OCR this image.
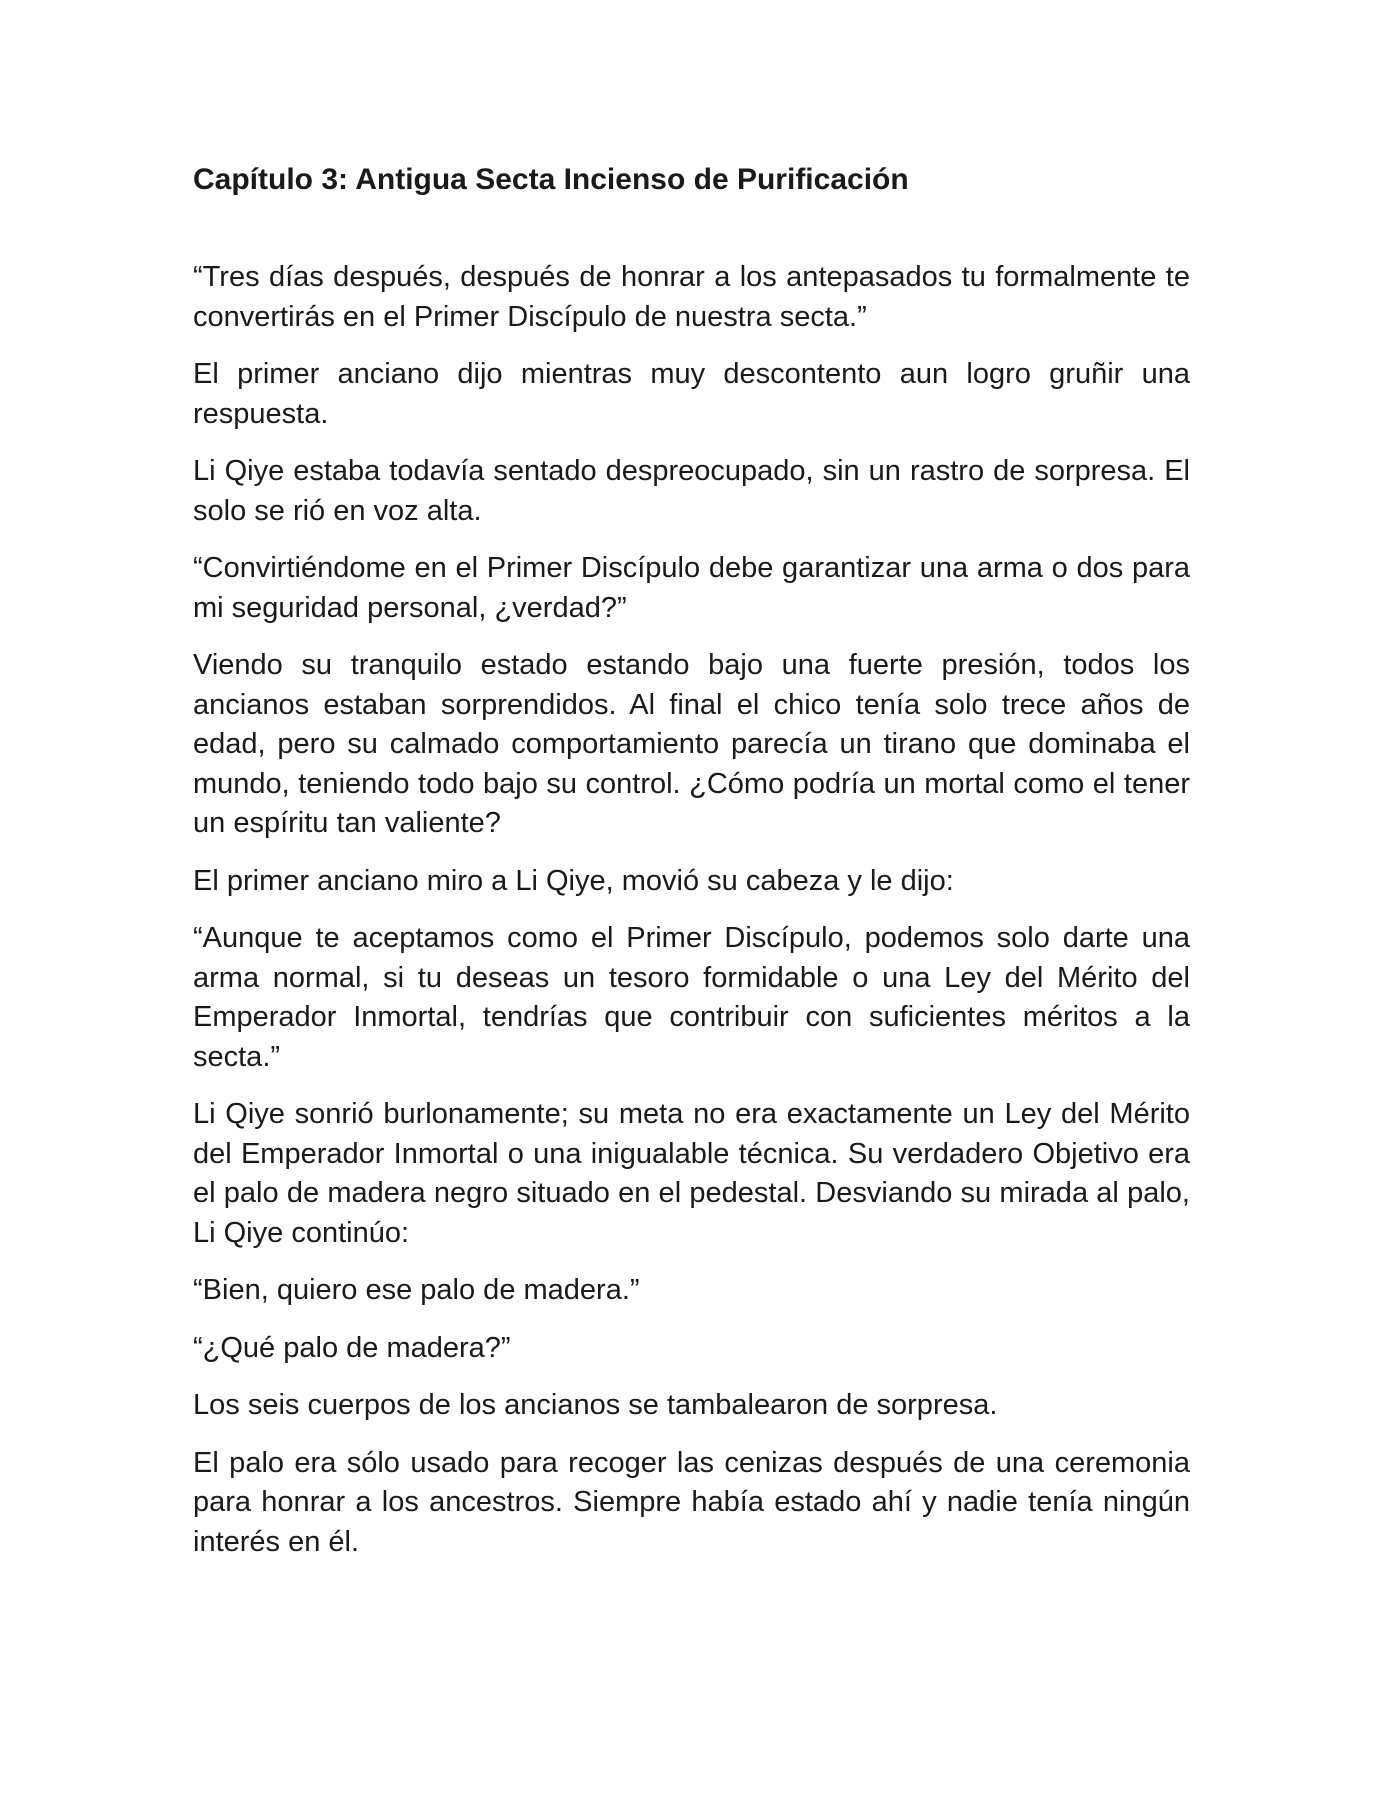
Capítulo 3: Antigua Secta Incienso de Purificación

“Tres días después, después de honrar a los antepasados tu formalmente te convertirás en el Primer Discípulo de nuestra secta.”

El primer anciano dijo mientras muy descontento aun logro gruñir una respuesta.

Li Qiye estaba todavía sentado despreocupado, sin un rastro de sorpresa. El solo se rió en voz alta.

“Convirtiéndome en el Primer Discípulo debe garantizar una arma o dos para mi seguridad personal, ¿verdad?”

Viendo su tranquilo estado estando bajo una fuerte presión, todos los ancianos estaban sorprendidos. Al final el chico tenía solo trece años de edad, pero su calmado comportamiento parecía un tirano que dominaba el mundo, teniendo todo bajo su control. ¿Cómo podría un mortal como el tener un espíritu tan valiente?

El primer anciano miro a Li Qiye, movió su cabeza y le dijo:

“Aunque te aceptamos como el Primer Discípulo, podemos solo darte una arma normal, si tu deseas un tesoro formidable o una Ley del Mérito del Emperador Inmortal, tendrías que contribuir con suficientes méritos a la secta.”

Li Qiye sonrió burlonamente; su meta no era exactamente un Ley del Mérito del Emperador Inmortal o una inigualable técnica. Su verdadero Objetivo era el palo de madera negro situado en el pedestal. Desviando su mirada al palo, Li Qiye continúo:

“Bien, quiero ese palo de madera.”

“¿Qué palo de madera?”

Los seis cuerpos de los ancianos se tambalearon de sorpresa.

El palo era sólo usado para recoger las cenizas después de una ceremonia para honrar a los ancestros. Siempre había estado ahí y nadie tenía ningún interés en él.
